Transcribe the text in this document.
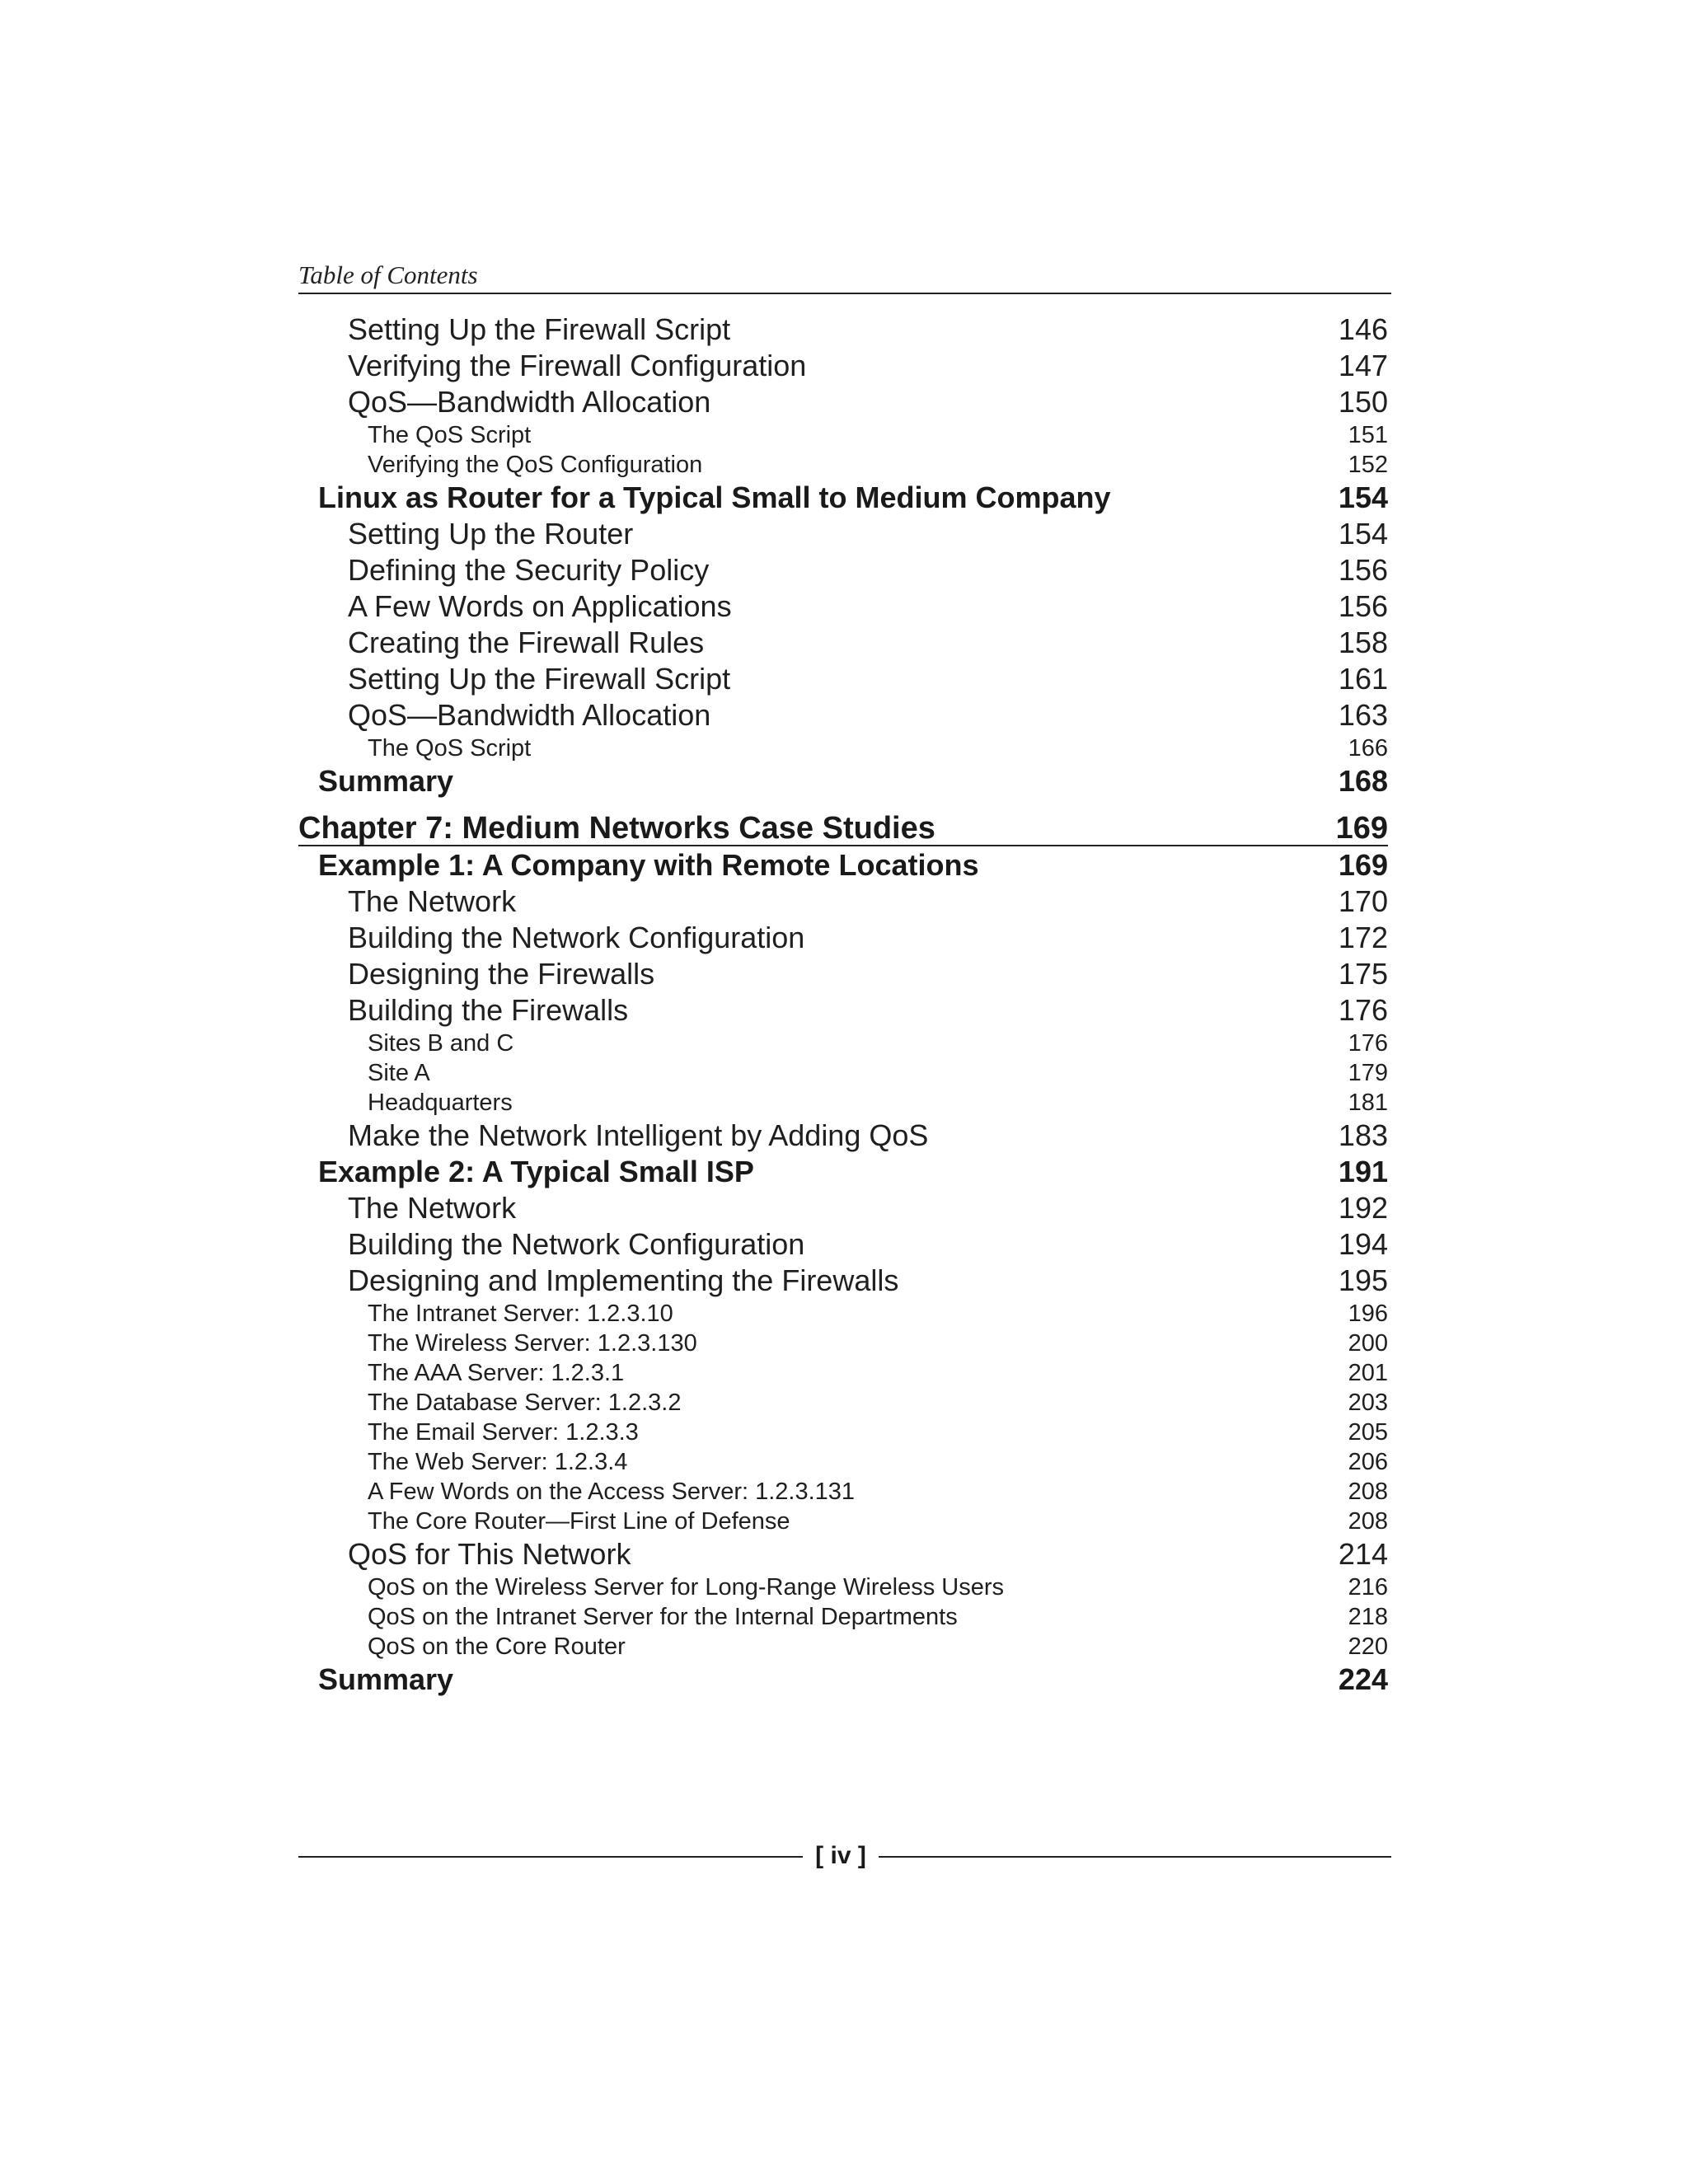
Table of Contents
Setting Up the Firewall Script	146
Verifying the Firewall Configuration	147
QoS—Bandwidth Allocation	150
The QoS Script	151
Verifying the QoS Configuration	152
Linux as Router for a Typical Small to Medium Company	154
Setting Up the Router	154
Defining the Security Policy	156
A Few Words on Applications	156
Creating the Firewall Rules	158
Setting Up the Firewall Script	161
QoS—Bandwidth Allocation	163
The QoS Script	166
Summary	168
Chapter 7: Medium Networks Case Studies	169
Example 1: A Company with Remote Locations	169
The Network	170
Building the Network Configuration	172
Designing the Firewalls	175
Building the Firewalls	176
Sites B and C	176
Site A	179
Headquarters	181
Make the Network Intelligent by Adding QoS	183
Example 2: A Typical Small ISP	191
The Network	192
Building the Network Configuration	194
Designing and Implementing the Firewalls	195
The Intranet Server: 1.2.3.10	196
The Wireless Server: 1.2.3.130	200
The AAA Server: 1.2.3.1	201
The Database Server: 1.2.3.2	203
The Email Server: 1.2.3.3	205
The Web Server: 1.2.3.4	206
A Few Words on the Access Server: 1.2.3.131	208
The Core Router—First Line of Defense	208
QoS for This Network	214
QoS on the Wireless Server for Long-Range Wireless Users	216
QoS on the Intranet Server for the Internal Departments	218
QoS on the Core Router	220
Summary	224
[ iv ]
